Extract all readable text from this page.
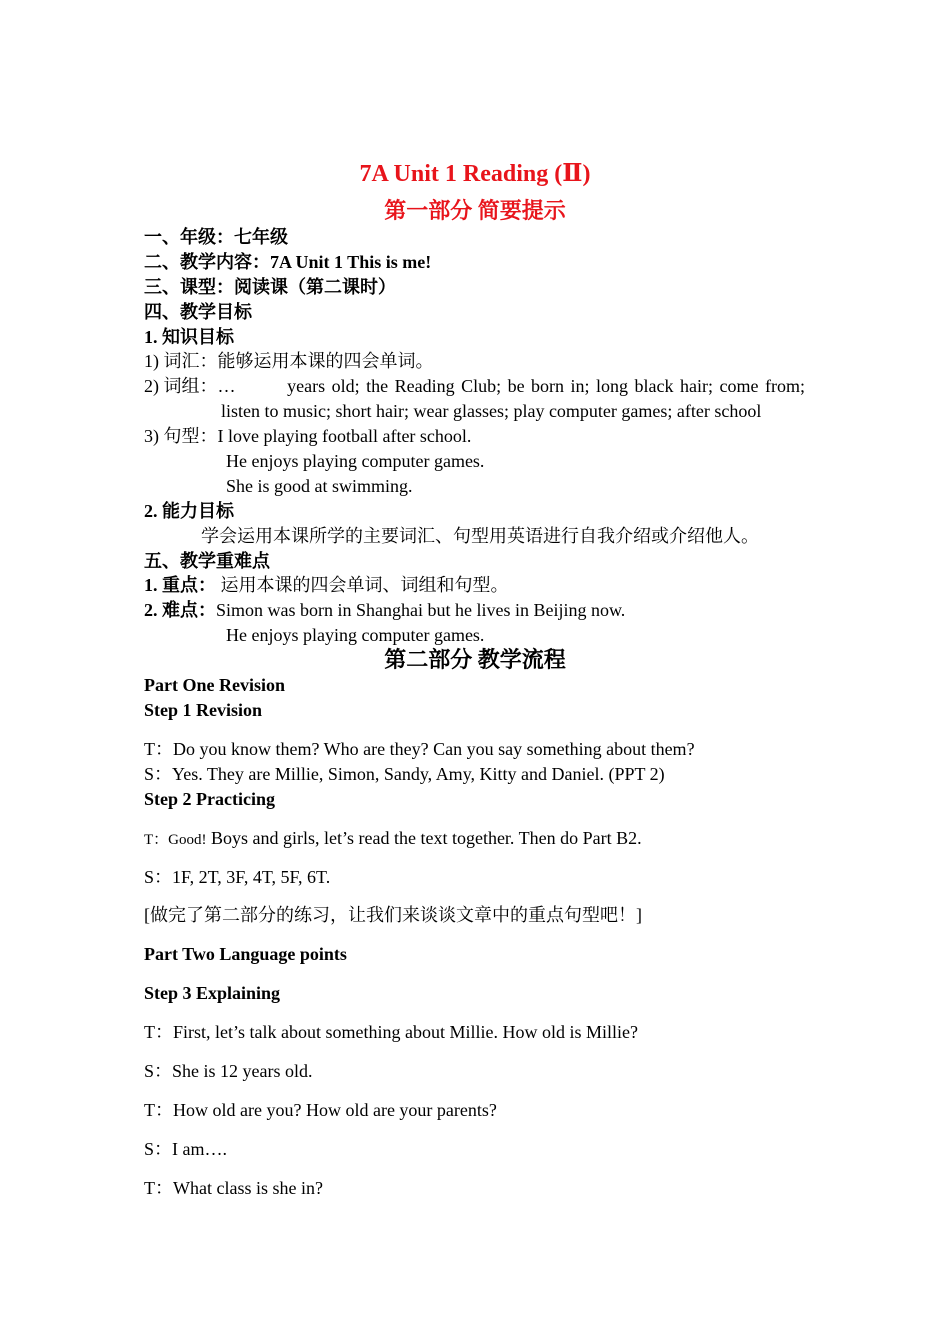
7A Unit 1 Reading (Ⅱ)
第一部分 简要提示
一、年级：七年级
二、教学内容：7A Unit 1 This is me!
三、课型：阅读课（第二课时）
四、教学目标
1. 知识目标
1) 词汇：能够运用本课的四会单词。
2) 词组：…	years old; the Reading Club; be born in; long black hair; come from;
listen to music; short hair; wear glasses; play computer games; after school
3) 句型：I love playing football after school.
He enjoys playing computer games.
She is good at swimming.
2. 能力目标
学会运用本课所学的主要词汇、句型用英语进行自我介绍或介绍他人。
五、教学重难点
1. 重点： 运用本课的四会单词、词组和句型。
2. 难点：Simon was born in Shanghai but he lives in Beijing now.
He enjoys playing computer games.
第二部分 教学流程
Part One Revision
Step 1 Revision
T：Do you know them? Who are they? Can you say something about them?
S：Yes. They are Millie, Simon, Sandy, Amy, Kitty and Daniel. (PPT 2)
Step 2 Practicing
T：Good! Boys and girls, let’s read the text together. Then do Part B2.
S：1F, 2T, 3F, 4T, 5F, 6T.
[做完了第二部分的练习，让我们来谈谈文章中的重点句型吧！]
Part Two Language points
Step 3 Explaining
T：First, let’s talk about something about Millie. How old is Millie?
S：She is 12 years old.
T：How old are you? How old are your parents?
S：I am….
T：What class is she in?
